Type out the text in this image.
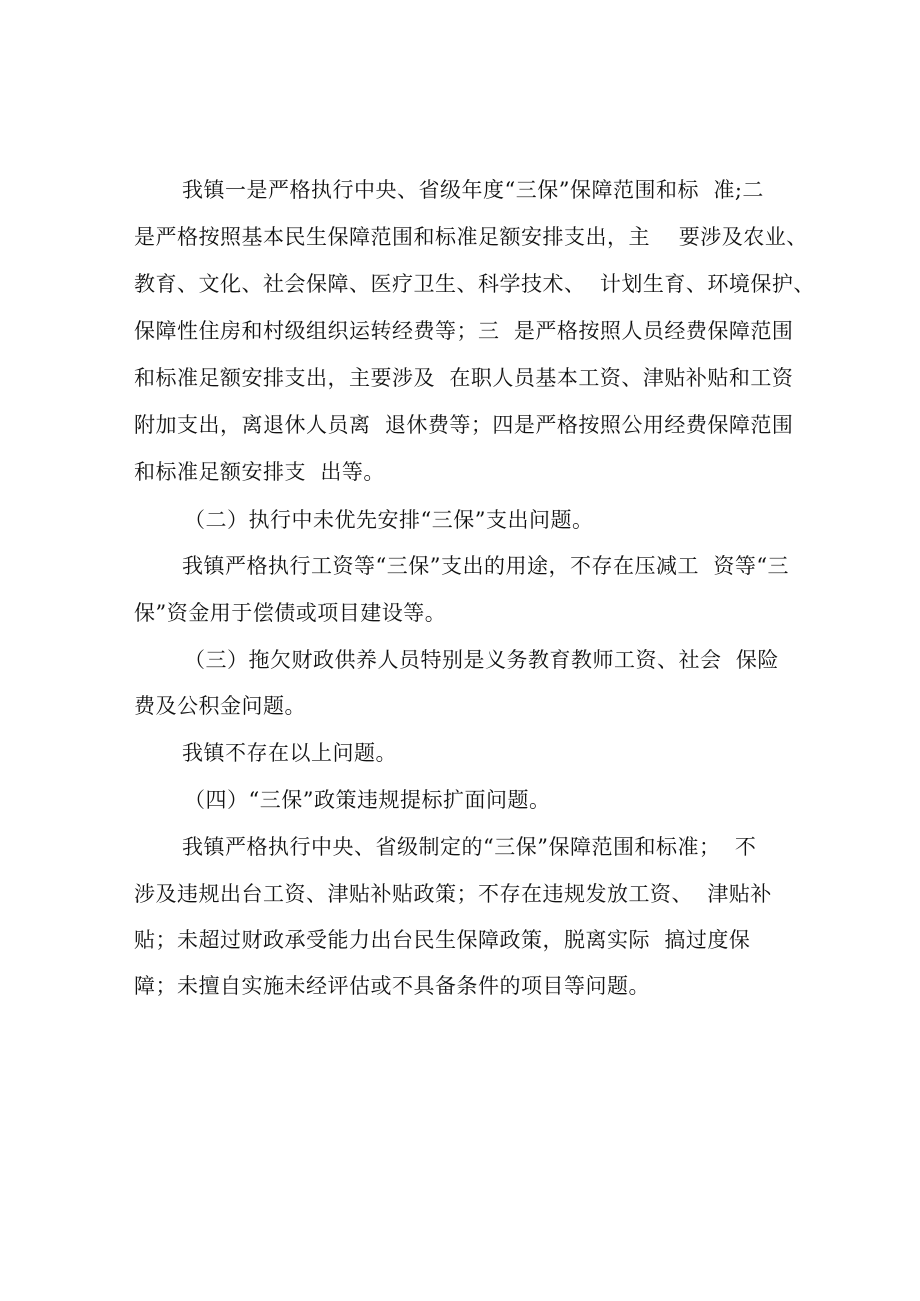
我镇一是严格执行中央、省级年度“三保”保障范围和标  准;二
是严格按照基本民生保障范围和标准足额安排支出，主    要涉及农业、
教育、文化、社会保障、医疗卫生、科学技术、  计划生育、环境保护、
保障性住房和村级组织运转经费等；三  是严格按照人员经费保障范围
和标准足额安排支出，主要涉及  在职人员基本工资、津贴补贴和工资
附加支出，离退休人员离  退休费等；四是严格按照公用经费保障范围
和标准足额安排支  出等。
（二）执行中未优先安排“三保”支出问题。
我镇严格执行工资等“三保”支出的用途，不存在压减工  资等“三
保”资金用于偿债或项目建设等。
（三）拖欠财政供养人员特别是义务教育教师工资、社会  保险
费及公积金问题。
我镇不存在以上问题。
（四）“三保”政策违规提标扩面问题。
我镇严格执行中央、省级制定的“三保”保障范围和标准；  不
涉及违规出台工资、津贴补贴政策；不存在违规发放工资、  津贴补
贴；未超过财政承受能力出台民生保障政策，脱离实际  搞过度保
障；未擅自实施未经评估或不具备条件的项目等问题。
